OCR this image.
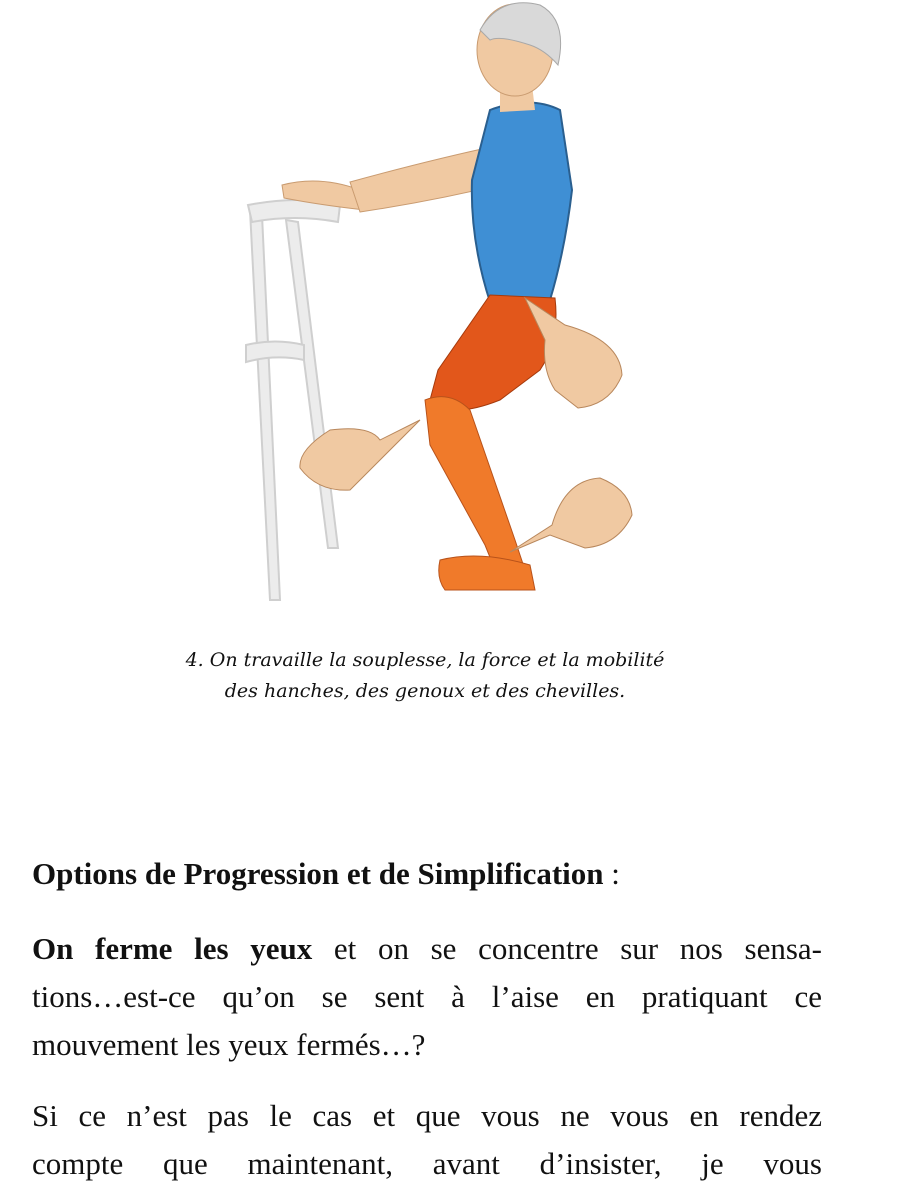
4. On travaille la souplesse, la force et la mobilité
des hanches, des genoux et des chevilles.
Options de Progression et de Simplification :
On ferme les yeux et on se concentre sur nos sensa-
tions…est-ce qu’on se sent à l’aise en pratiquant ce
mouvement les yeux fermés…?
Si ce n’est pas le cas et que vous ne vous en rendez
compte que maintenant, avant d’insister, je vous
